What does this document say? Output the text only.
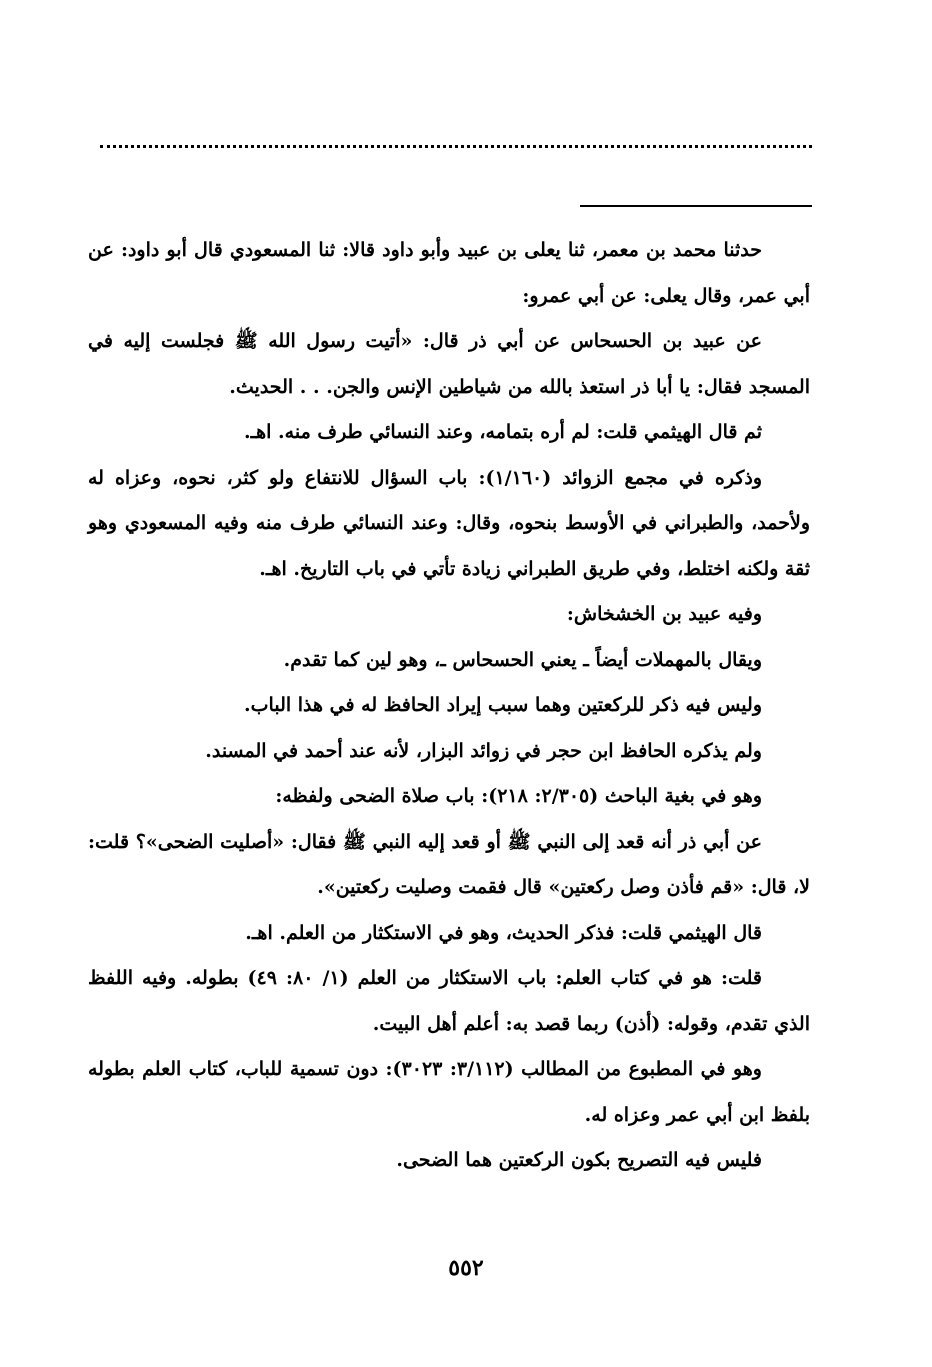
حدثنا محمد بن معمر، ثنا يعلى بن عبيد وأبو داود قالا: ثنا المسعودي قال أبو داود: عن أبي عمر، وقال يعلى: عن أبي عمرو:

عن عبيد بن الحسحاس عن أبي ذر قال: «أتيت رسول الله ﷺ فجلست إليه في المسجد فقال: يا أبا ذر استعذ بالله من شياطين الإنس والجن. . . الحديث.

ثم قال الهيثمي قلت: لم أره بتمامه، وعند النسائي طرف منه. اهـ.

وذكره في مجمع الزوائد (١/١٦٠): باب السؤال للانتفاع ولو كثر، نحوه، وعزاه له ولأحمد، والطبراني في الأوسط بنحوه، وقال: وعند النسائي طرف منه وفيه المسعودي وهو ثقة ولكنه اختلط، وفي طريق الطبراني زيادة تأتي في باب التاريخ. اهـ.

وفيه عبيد بن الخشخاش:

ويقال بالمهملات أيضاً ـ يعني الحسحاس ـ، وهو لين كما تقدم.

وليس فيه ذكر للركعتين وهما سبب إيراد الحافظ له في هذا الباب.

ولم يذكره الحافظ ابن حجر في زوائد البزار، لأنه عند أحمد في المسند.

وهو في بغية الباحث (٢/٣٠٥: ٢١٨): باب صلاة الضحى ولفظه:

عن أبي ذر أنه قعد إلى النبي ﷺ أو قعد إليه النبي ﷺ فقال: «أصليت الضحى»؟ قلت: لا، قال: «قم فأذن وصل ركعتين» قال فقمت وصليت ركعتين».

قال الهيثمي قلت: فذكر الحديث، وهو في الاستكثار من العلم. اهـ.

قلت: هو في كتاب العلم: باب الاستكثار من العلم (١/ ٨٠: ٤٩) بطوله. وفيه اللفظ الذي تقدم، وقوله: (أذن) ربما قصد به: أعلم أهل البيت.

وهو في المطبوع من المطالب (٣/١١٢: ٣٠٢٣): دون تسمية للباب، كتاب العلم بطوله بلفظ ابن أبي عمر وعزاه له.

فليس فيه التصريح بكون الركعتين هما الضحى.

٥٥٢
